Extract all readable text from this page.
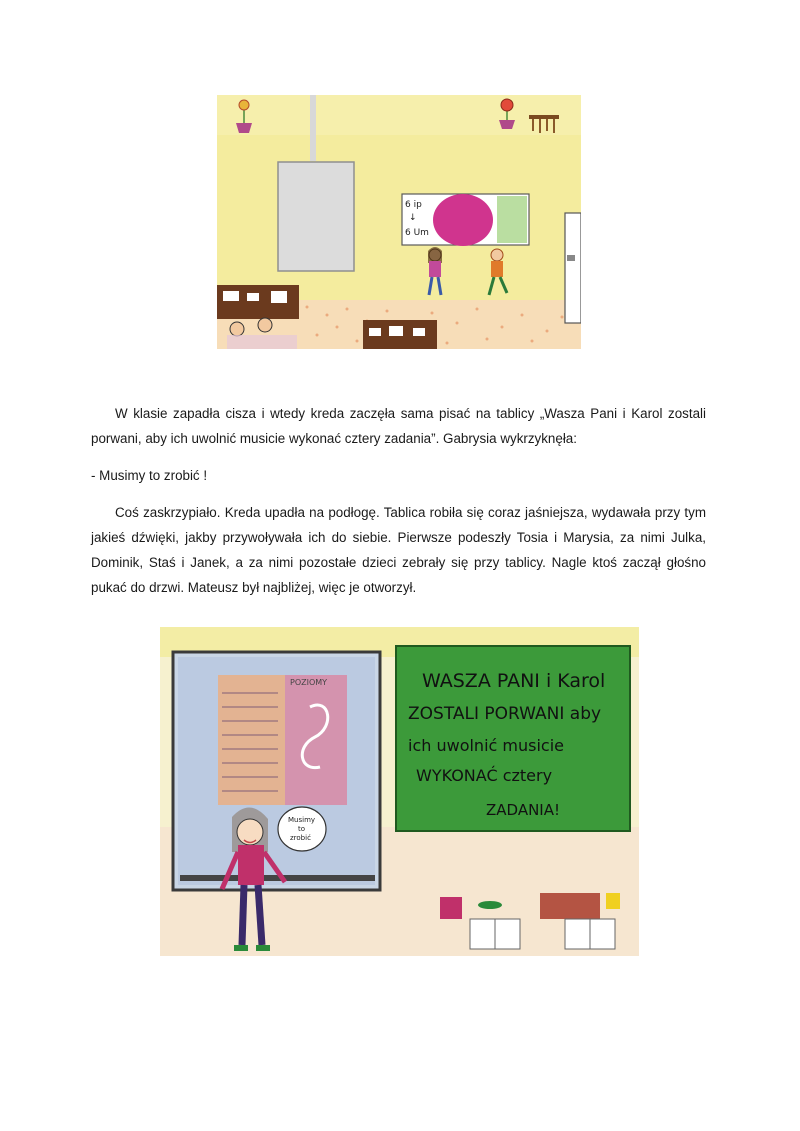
6 ip
↓
6 Um

W klasie zapadła cisza i wtedy kreda zaczęła sama pisać na tablicy „Wasza Pani i Karol zostali porwani, aby ich uwolnić musicie wykonać cztery zadania”. Gabrysia wykrzyknęła:

- Musimy to zrobić !

Coś zaskrzypiało. Kreda upadła na podłogę. Tablica robiła się coraz jaśniejsza, wydawała przy tym jakieś dźwięki, jakby przywoływała ich do siebie. Pierwsze podeszły Tosia i Marysia, za nimi Julka, Dominik, Staś i Janek, a za nimi pozostałe dzieci zebrały się przy tablicy. Nagle ktoś zaczął głośno pukać do drzwi. Mateusz był najbliżej, więc je otworzył.

POZIOMY
Musimy
to
zrobić
WASZA PANI i Karol
ZOSTALI PORWANI aby
ich uwolnić musicie
WYKONAĆ cztery
ZADANIA!
